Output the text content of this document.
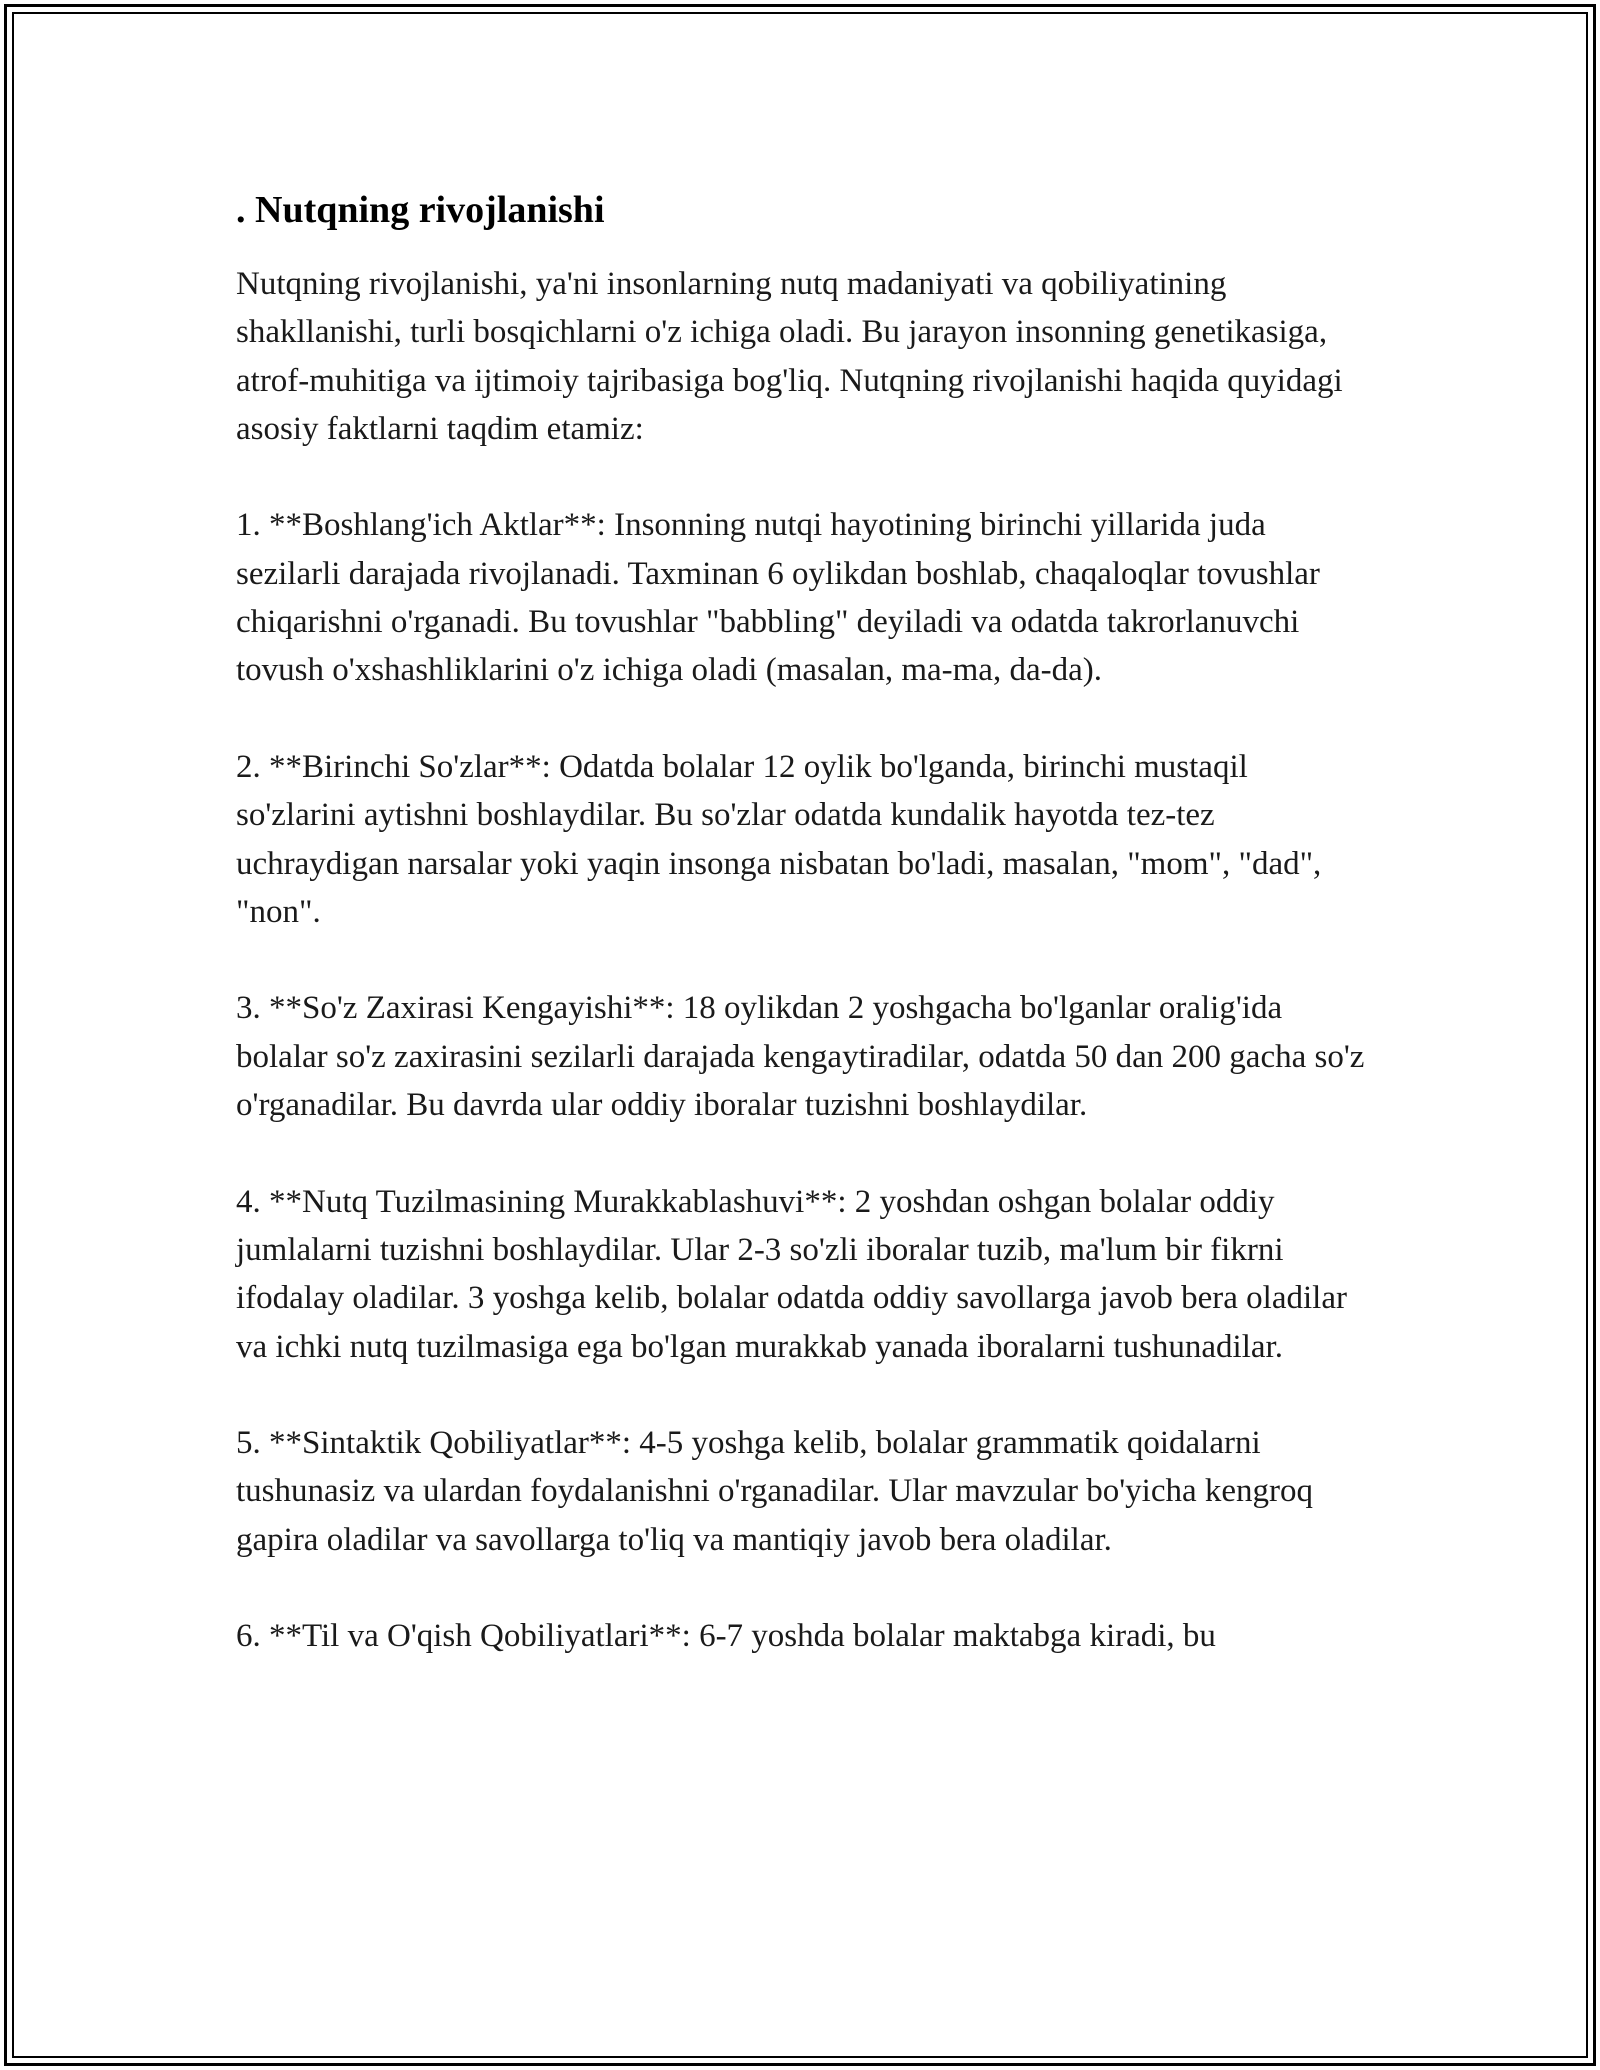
. Nutqning rivojlanishi

Nutqning rivojlanishi, ya'ni insonlarning nutq madaniyati va qobiliyatining shakllanishi, turli bosqichlarni o'z ichiga oladi. Bu jarayon insonning genetikasiga, atrof-muhitiga va ijtimoiy tajribasiga bog'liq. Nutqning rivojlanishi haqida quyidagi asosiy faktlarni taqdim etamiz:

1. **Boshlang'ich Aktlar**: Insonning nutqi hayotining birinchi yillarida juda sezilarli darajada rivojlanadi. Taxminan 6 oylikdan boshlab, chaqaloqlar tovushlar chiqarishni o'rganadi. Bu tovushlar "babbling" deyiladi va odatda takrorlanuvchi tovush o'xshashliklarini o'z ichiga oladi (masalan, ma-ma, da-da).

2. **Birinchi So'zlar**: Odatda bolalar 12 oylik bo'lganda, birinchi mustaqil so'zlarini aytishni boshlaydilar. Bu so'zlar odatda kundalik hayotda tez-tez uchraydigan narsalar yoki yaqin insonga nisbatan bo'ladi, masalan, "mom", "dad", "non".

3. **So'z Zaxirasi Kengayishi**: 18 oylikdan 2 yoshgacha bo'lganlar oralig'ida bolalar so'z zaxirasini sezilarli darajada kengaytiradilar, odatda 50 dan 200 gacha so'z o'rganadilar. Bu davrda ular oddiy iboralar tuzishni boshlaydilar.

4. **Nutq Tuzilmasining Murakkablashuvi**: 2 yoshdan oshgan bolalar oddiy jumlalarni tuzishni boshlaydilar. Ular 2-3 so'zli iboralar tuzib, ma'lum bir fikrni ifodalay oladilar. 3 yoshga kelib, bolalar odatda oddiy savollarga javob bera oladilar va ichki nutq tuzilmasiga ega bo'lgan murakkab yanada iboralarni tushunadilar.

5. **Sintaktik Qobiliyatlar**: 4-5 yoshga kelib, bolalar grammatik qoidalarni tushunasiz va ulardan foydalanishni o'rganadilar. Ular mavzular bo'yicha kengroq gapira oladilar va savollarga to'liq va mantiqiy javob bera oladilar.

6. **Til va O'qish Qobiliyatlari**: 6-7 yoshda bolalar maktabga kiradi, bu
